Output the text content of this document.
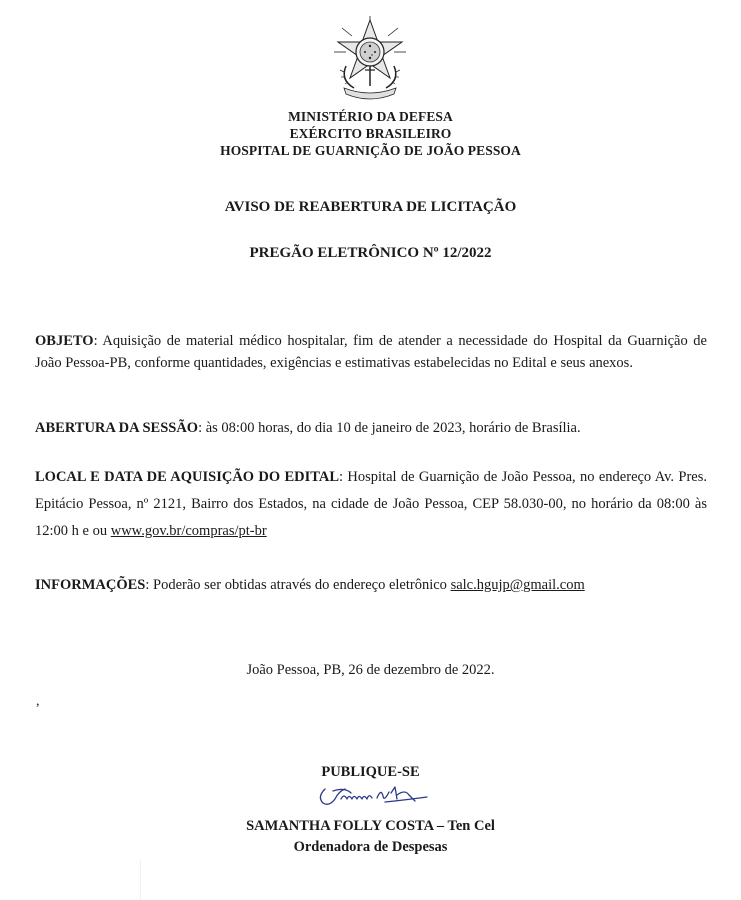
MINISTÉRIO DA DEFESA
EXÉRCITO BRASILEIRO
HOSPITAL DE GUARNIÇÃO DE JOÃO PESSOA
AVISO DE REABERTURA DE LICITAÇÃO
PREGÃO ELETRÔNICO Nº 12/2022
OBJETO: Aquisição de material médico hospitalar, fim de atender a necessidade do Hospital da Guarnição de João Pessoa-PB, conforme quantidades, exigências e estimativas estabelecidas no Edital e seus anexos.
ABERTURA DA SESSÃO: às 08:00 horas, do dia 10 de janeiro de 2023, horário de Brasília.
LOCAL E DATA DE AQUISIÇÃO DO EDITAL: Hospital de Guarnição de João Pessoa, no endereço Av. Pres. Epitácio Pessoa, nº 2121, Bairro dos Estados, na cidade de João Pessoa, CEP 58.030-00, no horário da 08:00 às 12:00 h e ou www.gov.br/compras/pt-br
INFORMAÇÕES: Poderão ser obtidas através do endereço eletrônico salc.hgujp@gmail.com
João Pessoa, PB, 26 de dezembro de 2022.
,
PUBLIQUE-SE
SAMANTHA FOLLY COSTA – Ten Cel
Ordenadora de Despesas
